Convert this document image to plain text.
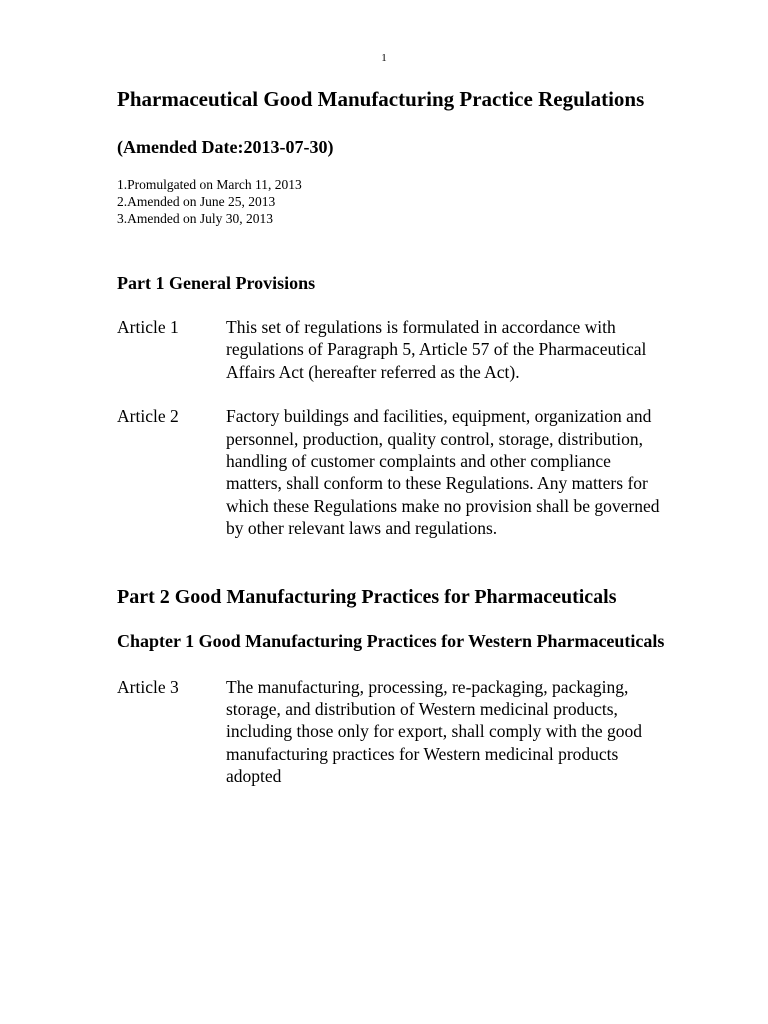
1
Pharmaceutical Good Manufacturing Practice Regulations
(Amended Date:2013-07-30)
1.Promulgated on March 11, 2013
2.Amended on June 25, 2013
3.Amended on July 30, 2013
Part 1 General Provisions
Article 1	This set of regulations is formulated in accordance with regulations of Paragraph 5, Article 57 of the Pharmaceutical Affairs Act (hereafter referred as the Act).
Article 2	Factory buildings and facilities, equipment, organization and personnel, production, quality control, storage, distribution, handling of customer complaints and other compliance matters, shall conform to these Regulations. Any matters for which these Regulations make no provision shall be governed by other relevant laws and regulations.
Part 2 Good Manufacturing Practices for Pharmaceuticals
Chapter 1 Good Manufacturing Practices for Western Pharmaceuticals
Article 3	The manufacturing, processing, re-packaging, packaging, storage, and distribution of Western medicinal products, including those only for export, shall comply with the good manufacturing practices for Western medicinal products adopted
